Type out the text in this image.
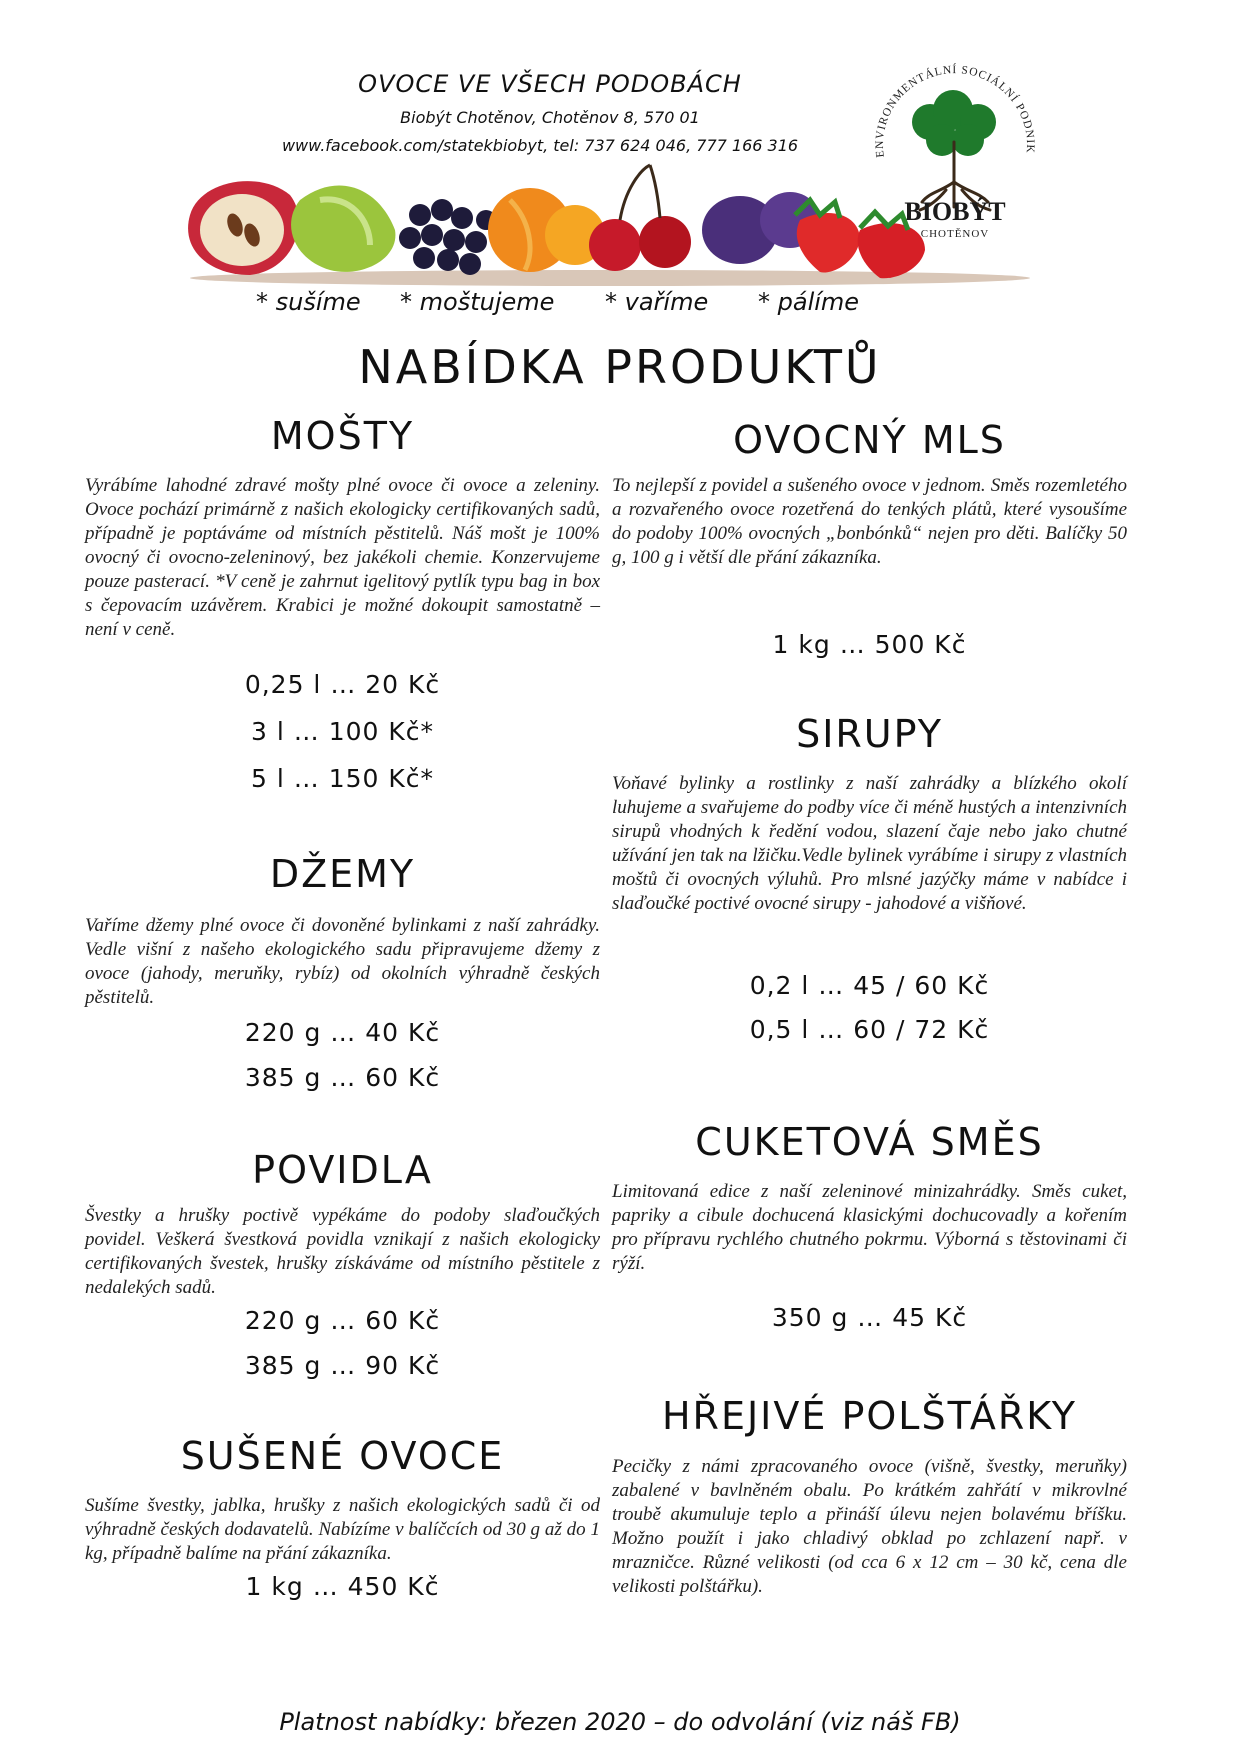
OVOCE VE VŠECH PODOBÁCH
Biobýt Chotěnov, Chotěnov 8, 570 01
www.facebook.com/statekbiobyt, tel: 737 624 046, 777 166 316	ENVIRONMENTÁLNÍ SOCIÁLNÍ PODNIK
BIOBÝT
CHOTĚNOV
* sušíme * moštujeme * vaříme * pálíme
NABÍDKA PRODUKTŮ
MOŠTY
Vyrábíme lahodné zdravé mošty plné ovoce či ovoce a zeleniny. Ovoce pochází primárně z našich ekologicky certifikovaných sadů, případně je poptáváme od místních pěstitelů. Náš mošt je 100% ovocný či ovocno-zeleninový, bez jakékoli chemie. Konzervujeme pouze pasterací. *V ceně je zahrnut igelitový pytlík typu bag in box s čepovacím uzávěrem. Krabici je možné dokoupit samostatně – není v ceně.
0,25 l … 20 Kč
3 l … 100 Kč*
5 l … 150 Kč*
DŽEMY
Vaříme džemy plné ovoce či dovoněné bylinkami z naší zahrádky. Vedle višní z našeho ekologického sadu připravujeme džemy z ovoce (jahody, meruňky, rybíz) od okolních výhradně českých pěstitelů.
220 g … 40 Kč
385 g … 60 Kč
POVIDLA
Švestky a hrušky poctivě vypékáme do podoby slaďoučkých povidel. Veškerá švestková povidla vznikají z našich ekologicky certifikovaných švestek, hrušky získáváme od místního pěstitele z nedalekých sadů.
220 g … 60 Kč
385 g … 90 Kč
SUŠENÉ OVOCE
Sušíme švestky, jablka, hrušky z našich ekologických sadů či od výhradně českých dodavatelů. Nabízíme v balíčcích od 30 g až do 1 kg, případně balíme na přání zákazníka.
1 kg … 450 Kč
OVOCNÝ MLS
To nejlepší z povidel a sušeného ovoce v jednom. Směs rozemletého a rozvařeného ovoce rozetřená do tenkých plátů, které vysoušíme do podoby 100% ovocných „bonbónků“ nejen pro děti. Balíčky 50 g, 100 g i větší dle přání zákazníka.
1 kg … 500 Kč
SIRUPY
Voňavé bylinky a rostlinky z naší zahrádky a blízkého okolí luhujeme a svařujeme do podby více či méně hustých a intenzivních sirupů vhodných k ředění vodou, slazení čaje nebo jako chutné užívání jen tak na lžičku.Vedle bylinek vyrábíme i sirupy z vlastních moštů či ovocných výluhů. Pro mlsné jazýčky máme v nabídce i slaďoučké poctivé ovocné sirupy - jahodové a višňové.
0,2 l … 45 / 60 Kč
0,5 l … 60 / 72 Kč
CUKETOVÁ SMĚS
Limitovaná edice z naší zeleninové minizahrádky. Směs cuket, papriky a cibule dochucená klasickými dochucovadly a kořením pro přípravu rychlého chutného pokrmu. Výborná s těstovinami či rýží.
350 g … 45 Kč
HŘEJIVÉ POLŠTÁŘKY
Pecičky z námi zpracovaného ovoce (višně, švestky, meruňky) zabalené v bavlněném obalu. Po krátkém zahřátí v mikrovlné troubě akumuluje teplo a přináší úlevu nejen bolavému bříšku. Možno použít i jako chladivý obklad po zchlazení např. v mrazničce. Různé velikosti (od cca 6 x 12 cm – 30 kč, cena dle velikosti polštářku).
Platnost nabídky: březen 2020 – do odvolání (viz náš FB)
